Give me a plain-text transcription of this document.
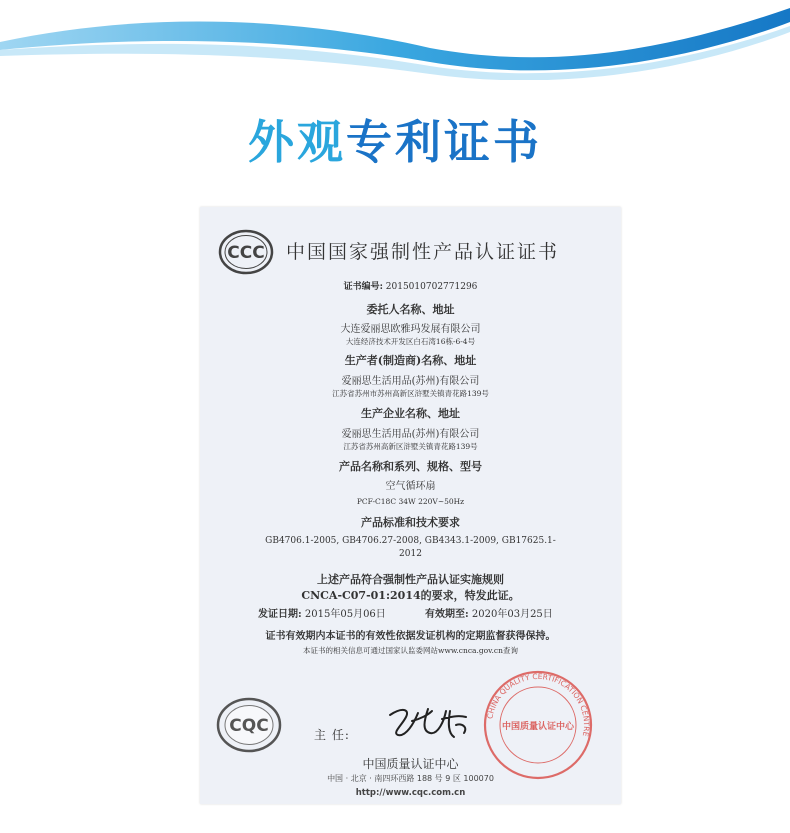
外观专利证书
CCC 中国国家强制性产品认证证书
证书编号: 2015010702771296
委托人名称、地址
大连爱丽思欧雅玛发展有限公司
大连经济技术开发区白石湾16栋-6-4号
生产者(制造商)名称、地址
爱丽思生活用品(苏州)有限公司
江苏省苏州市苏州高新区浒墅关镇青花路139号
生产企业名称、地址
爱丽思生活用品(苏州)有限公司
江苏省苏州高新区浒墅关镇青花路139号
产品名称和系列、规格、型号
空气循环扇
PCF-C18C 34W 220V~50Hz
产品标准和技术要求
GB4706.1-2005, GB4706.27-2008, GB4343.1-2009, GB17625.1-
2012
上述产品符合强制性产品认证实施规则
CNCA-C07-01:2014的要求，特发此证。
发证日期: 2015年05月06日	有效期至: 2020年03月25日
证书有效期内本证书的有效性依据发证机构的定期监督获得保持。
本证书的相关信息可通过国家认监委网站www.cnca.gov.cn查询
CQC	主 任:
CHINA QUALITY CERTIFICATION CENTRE
中国质量认证中心
中国质量认证中心
中国 · 北京 · 南四环西路 188 号 9 区 100070
http://www.cqc.com.cn
